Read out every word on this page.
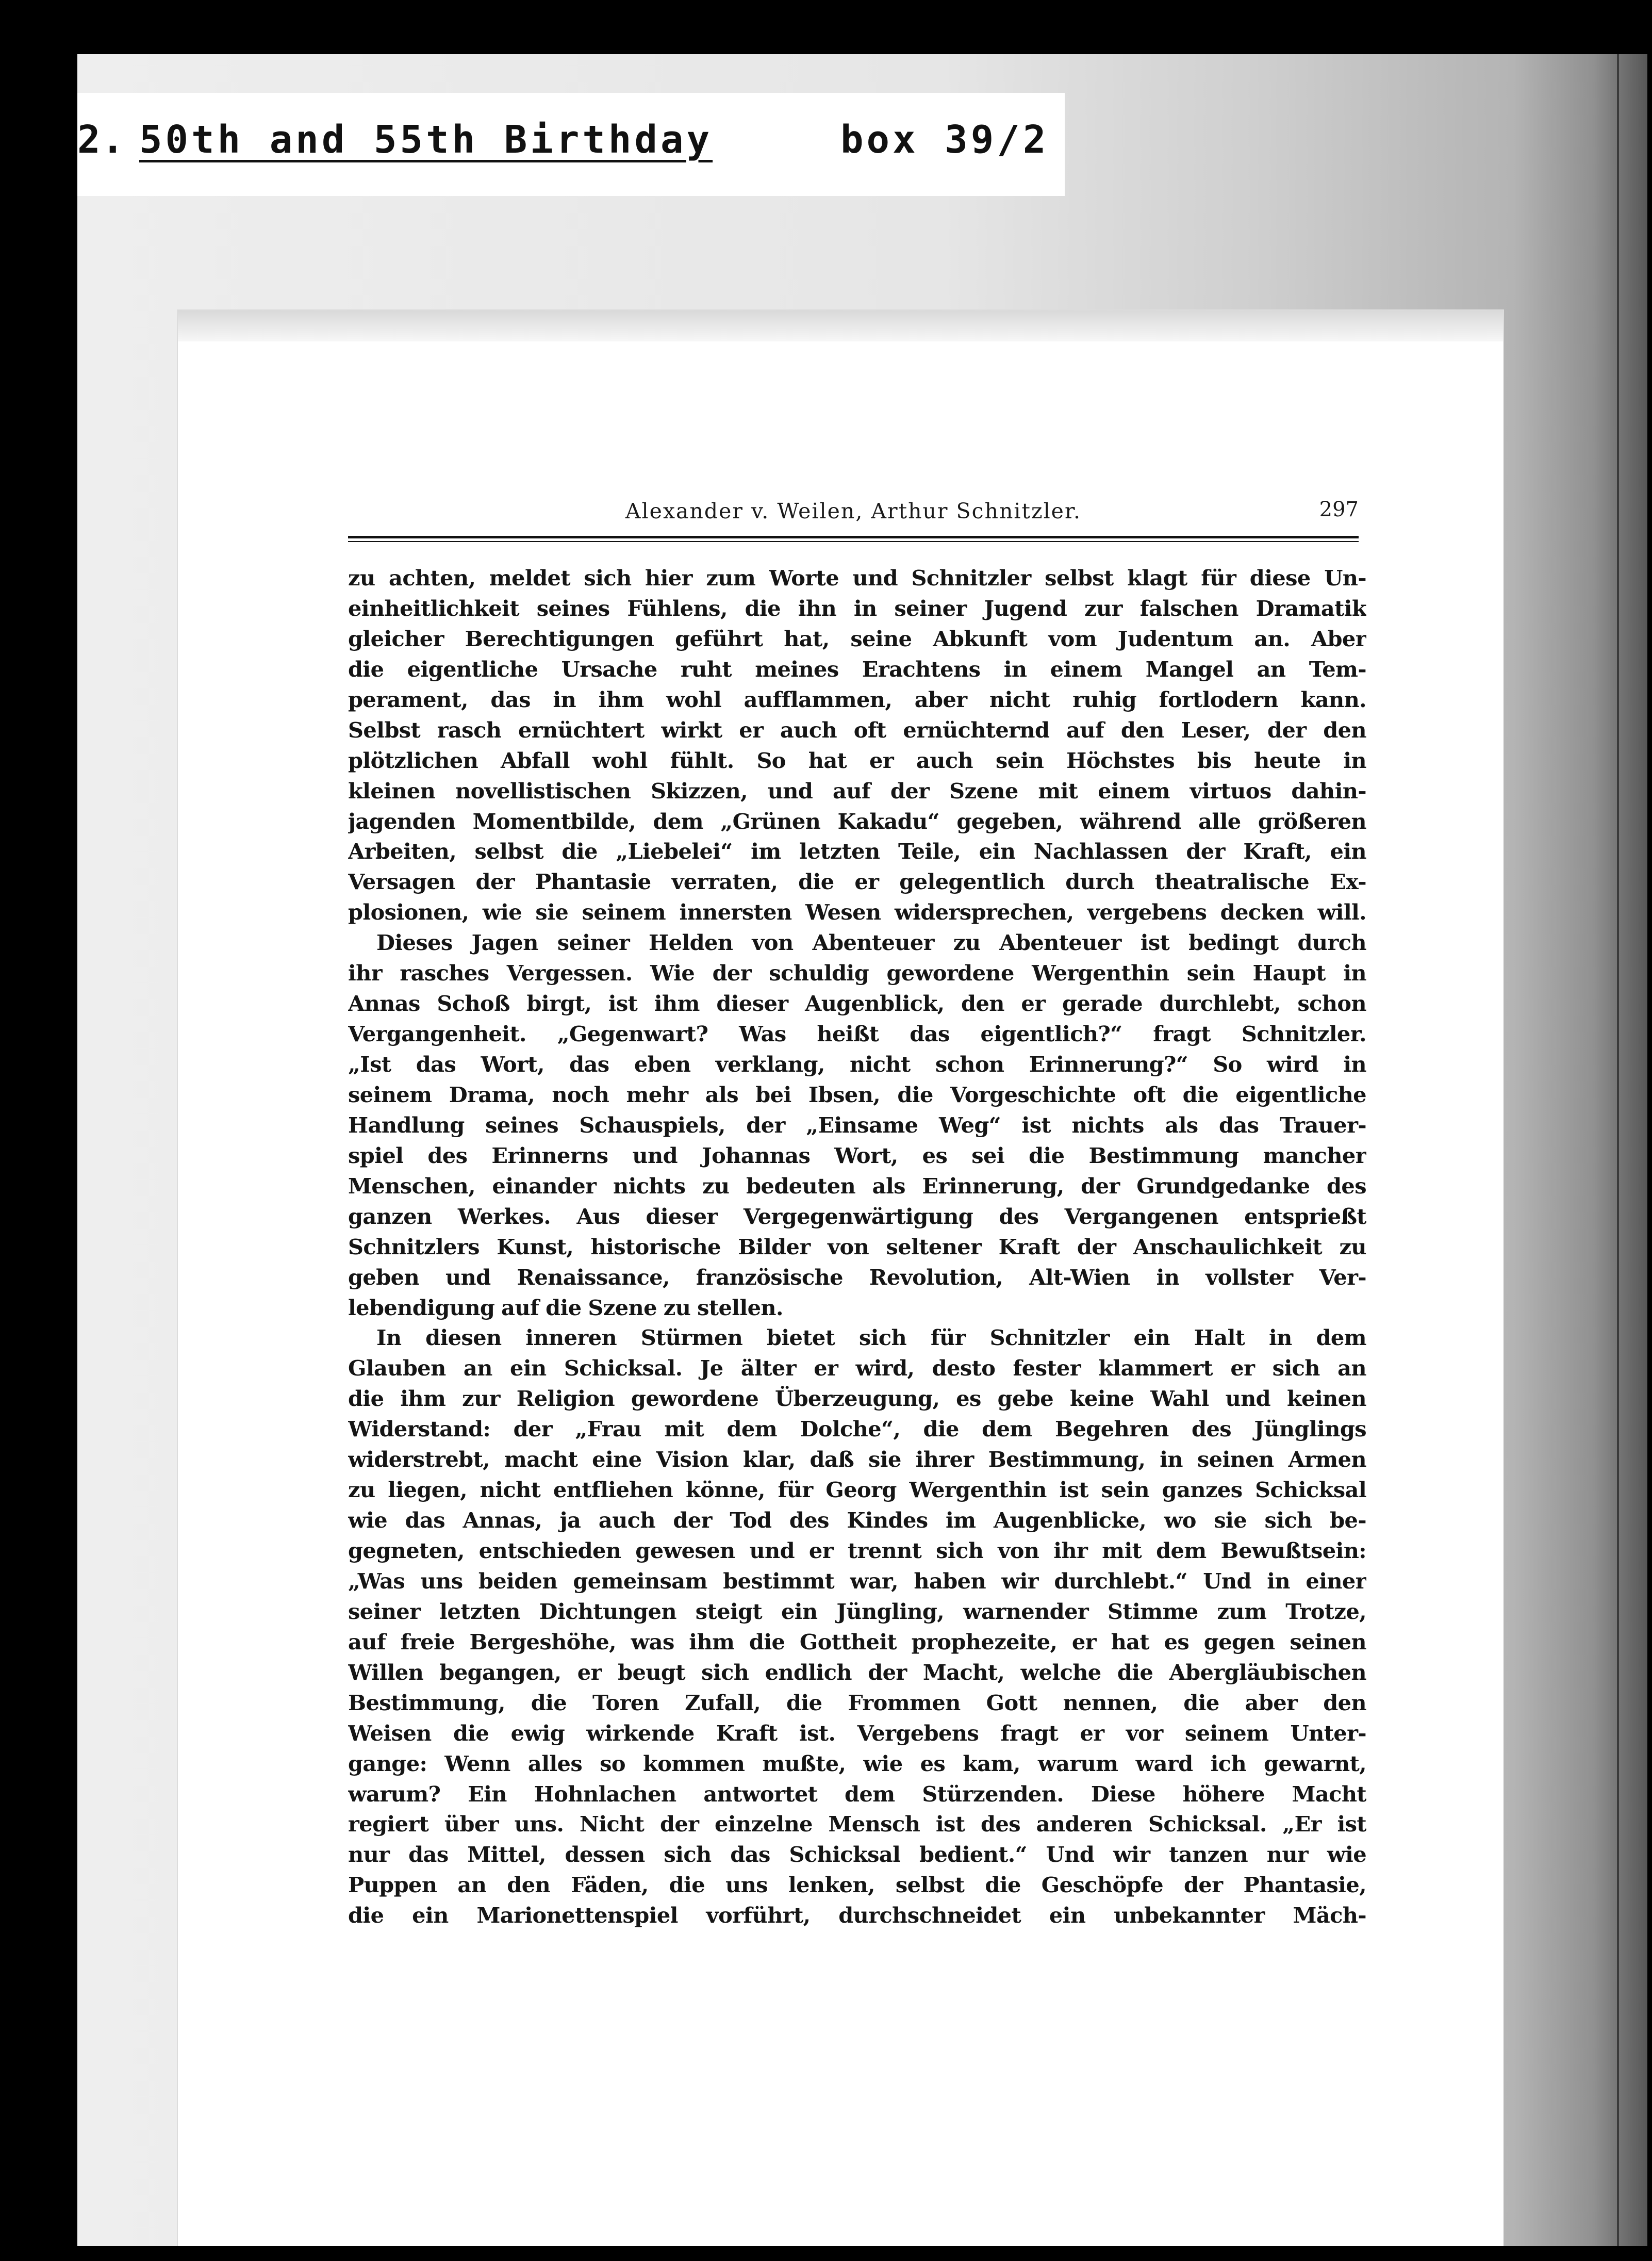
2. 50th and 55th Birthday	box 39/2
Alexander v. Weilen, Arthur Schnitzler.	297
zu achten, meldet sich hier zum Worte und Schnitzler selbst klagt für diese Un-
einheitlichkeit seines Fühlens, die ihn in seiner Jugend zur falschen Dramatik
gleicher Berechtigungen geführt hat, seine Abkunft vom Judentum an. Aber
die eigentliche Ursache ruht meines Erachtens in einem Mangel an Tem-
perament, das in ihm wohl aufflammen, aber nicht ruhig fortlodern kann.
Selbst rasch ernüchtert wirkt er auch oft ernüchternd auf den Leser, der den
plötzlichen Abfall wohl fühlt. So hat er auch sein Höchstes bis heute in
kleinen novellistischen Skizzen, und auf der Szene mit einem virtuos dahin-
jagenden Momentbilde, dem „Grünen Kakadu“ gegeben, während alle größeren
Arbeiten, selbst die „Liebelei“ im letzten Teile, ein Nachlassen der Kraft, ein
Versagen der Phantasie verraten, die er gelegentlich durch theatralische Ex-
plosionen, wie sie seinem innersten Wesen widersprechen, vergebens decken will.
Dieses Jagen seiner Helden von Abenteuer zu Abenteuer ist bedingt durch
ihr rasches Vergessen. Wie der schuldig gewordene Wergenthin sein Haupt in
Annas Schoß birgt, ist ihm dieser Augenblick, den er gerade durchlebt, schon
Vergangenheit. „Gegenwart? Was heißt das eigentlich?“ fragt Schnitzler.
„Ist das Wort, das eben verklang, nicht schon Erinnerung?“ So wird in
seinem Drama, noch mehr als bei Ibsen, die Vorgeschichte oft die eigentliche
Handlung seines Schauspiels, der „Einsame Weg“ ist nichts als das Trauer-
spiel des Erinnerns und Johannas Wort, es sei die Bestimmung mancher
Menschen, einander nichts zu bedeuten als Erinnerung, der Grundgedanke des
ganzen Werkes. Aus dieser Vergegenwärtigung des Vergangenen entsprießt
Schnitzlers Kunst, historische Bilder von seltener Kraft der Anschaulichkeit zu
geben und Renaissance, französische Revolution, Alt-Wien in vollster Ver-
lebendigung auf die Szene zu stellen.
In diesen inneren Stürmen bietet sich für Schnitzler ein Halt in dem
Glauben an ein Schicksal. Je älter er wird, desto fester klammert er sich an
die ihm zur Religion gewordene Überzeugung, es gebe keine Wahl und keinen
Widerstand: der „Frau mit dem Dolche“, die dem Begehren des Jünglings
widerstrebt, macht eine Vision klar, daß sie ihrer Bestimmung, in seinen Armen
zu liegen, nicht entfliehen könne, für Georg Wergenthin ist sein ganzes Schicksal
wie das Annas, ja auch der Tod des Kindes im Augenblicke, wo sie sich be-
gegneten, entschieden gewesen und er trennt sich von ihr mit dem Bewußtsein:
„Was uns beiden gemeinsam bestimmt war, haben wir durchlebt.“ Und in einer
seiner letzten Dichtungen steigt ein Jüngling, warnender Stimme zum Trotze,
auf freie Bergeshöhe, was ihm die Gottheit prophezeite, er hat es gegen seinen
Willen begangen, er beugt sich endlich der Macht, welche die Abergläubischen
Bestimmung, die Toren Zufall, die Frommen Gott nennen, die aber den
Weisen die ewig wirkende Kraft ist. Vergebens fragt er vor seinem Unter-
gange: Wenn alles so kommen mußte, wie es kam, warum ward ich gewarnt,
warum? Ein Hohnlachen antwortet dem Stürzenden. Diese höhere Macht
regiert über uns. Nicht der einzelne Mensch ist des anderen Schicksal. „Er ist
nur das Mittel, dessen sich das Schicksal bedient.“ Und wir tanzen nur wie
Puppen an den Fäden, die uns lenken, selbst die Geschöpfe der Phantasie,
die ein Marionettenspiel vorführt, durchschneidet ein unbekannter Mäch-
